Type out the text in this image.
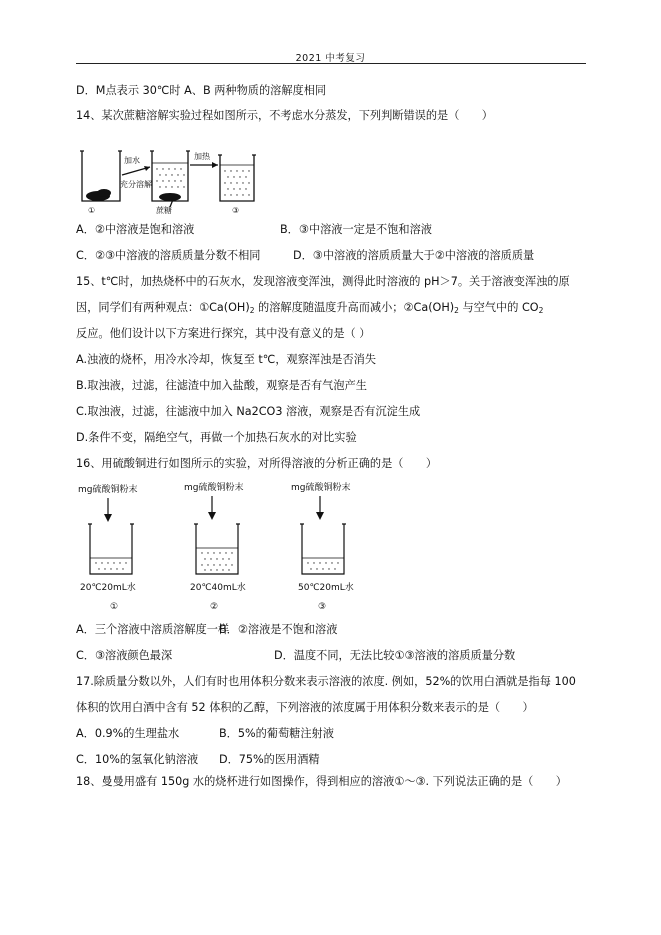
2021 中考复习
D．M点表示 30℃时 A、B 两种物质的溶解度相同
14、某次蔗糖溶解实验过程如图所示，不考虑水分蒸发，下列判断错误的是（　　）
加水
充分溶解
加热
蔗糖
①	③
A．②中溶液是饱和溶液	B．③中溶液一定是不饱和溶液
C．②③中溶液的溶质质量分数不相同	D．③中溶液的溶质质量大于②中溶液的溶质质量
15、t℃时，加热烧杯中的石灰水，发现溶液变浑浊，测得此时溶液的 pH＞7。关于溶液变浑浊的原
因，同学们有两种观点：$①Ca(OH)_2$ 的溶解度随温度升高而减小；$②Ca(OH)_2$ 与空气中的 $CO_2$
反应。他们设计以下方案进行探究，其中没有意义的是（ ）
A.浊液的烧杯，用冷水冷却，恢复至 t℃，观察浑浊是否消失
B.取浊液，过滤，往滤渣中加入盐酸，观察是否有气泡产生
C.取浊液，过滤，往滤液中加入 Na2CO3 溶液，观察是否有沉淀生成
D.条件不变，隔绝空气，再做一个加热石灰水的对比实验
16、用硫酸铜进行如图所示的实验，对所得溶液的分析正确的是（　　）
mg硫酸铜粉末	mg硫酸铜粉末	mg硫酸铜粉末
20℃20mL水	20℃40mL水	50℃20mL水
①	②	③
A．三个溶液中溶质溶解度一样
B．②溶液是不饱和溶液
C．③溶液颜色最深	D．温度不同，无法比较①③溶液的溶质质量分数
17.除质量分数以外，人们有时也用体积分数来表示溶液的浓度. 例如，52%的饮用白酒就是指每 100
体积的饮用白酒中含有 52 体积的乙醇，下列溶液的浓度属于用体积分数来表示的是（　　）
A．0.9%的生理盐水	B．5%的葡萄糖注射液
C．10%的氢氧化钠溶液 D．75%的医用酒精
18、曼曼用盛有 150g 水的烧杯进行如图操作，得到相应的溶液①～③. 下列说法正确的是（　　）
